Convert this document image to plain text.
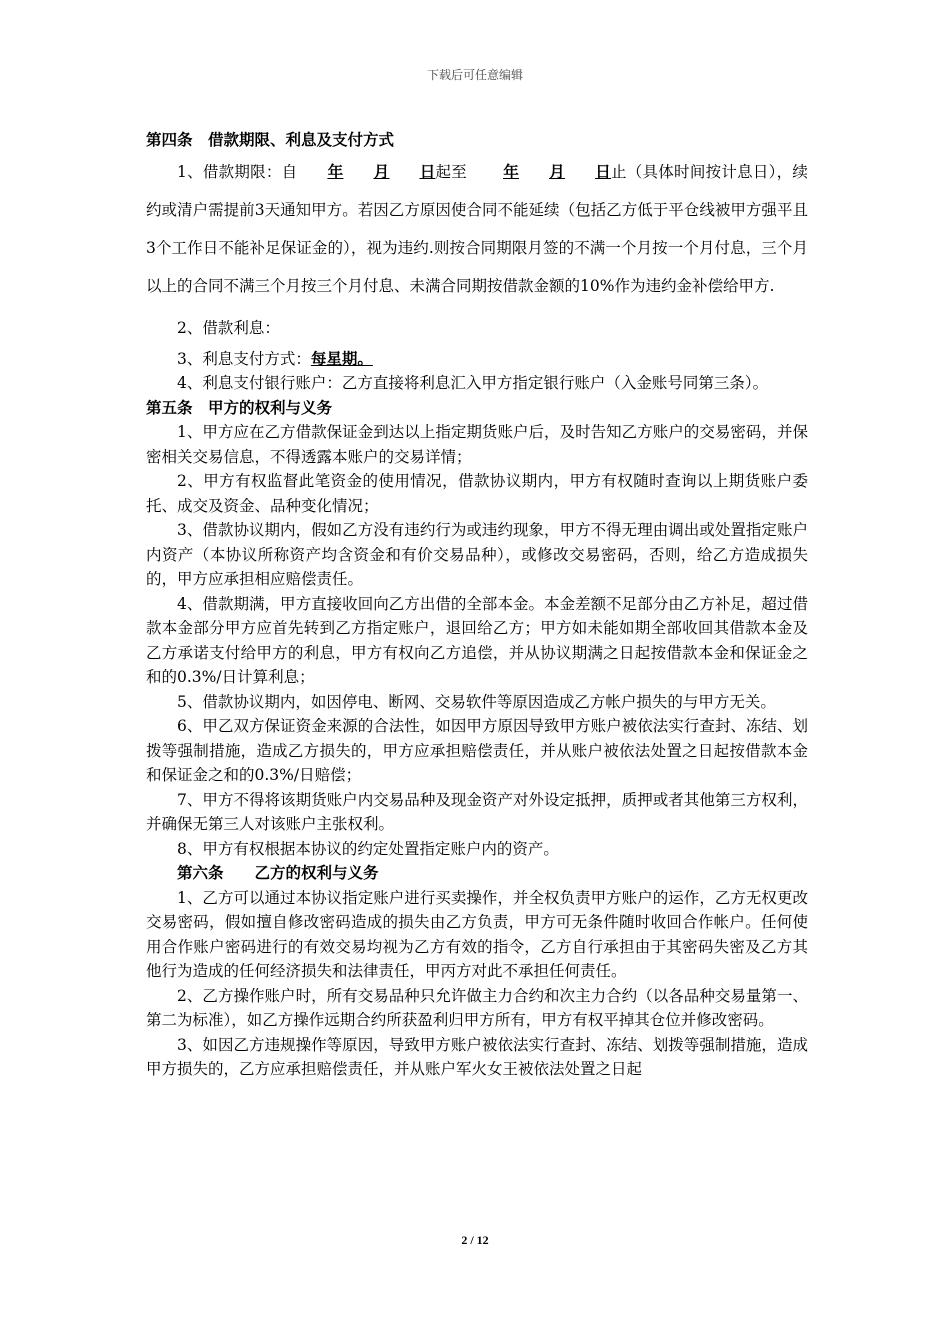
下载后可任意编辑

第四条　借款期限、利息及支付方式

1、借款期限：自 年 月 日起至 年 月 日止（具体时间按计息日），续约或清户需提前3天通知甲方。若因乙方原因使合同不能延续（包括乙方低于平仓线被甲方强平且3个工作日不能补足保证金的），视为违约.则按合同期限月签的不满一个月按一个月付息，三个月以上的合同不满三个月按三个月付息、未满合同期按借款金额的10%作为违约金补偿给甲方.

2、借款利息：

3、利息支付方式：每星期。

4、利息支付银行账户：乙方直接将利息汇入甲方指定银行账户（入金账号同第三条）。

第五条　甲方的权利与义务

1、甲方应在乙方借款保证金到达以上指定期货账户后，及时告知乙方账户的交易密码，并保密相关交易信息，不得透露本账户的交易详情；

2、甲方有权监督此笔资金的使用情况，借款协议期内，甲方有权随时查询以上期货账户委托、成交及资金、品种变化情况；

3、借款协议期内，假如乙方没有违约行为或违约现象，甲方不得无理由调出或处置指定账户内资产（本协议所称资产均含资金和有价交易品种），或修改交易密码，否则，给乙方造成损失的，甲方应承担相应赔偿责任。

4、借款期满，甲方直接收回向乙方出借的全部本金。本金差额不足部分由乙方补足，超过借款本金部分甲方应首先转到乙方指定账户，退回给乙方；甲方如未能如期全部收回其借款本金及乙方承诺支付给甲方的利息，甲方有权向乙方追偿，并从协议期满之日起按借款本金和保证金之和的0.3%/日计算利息；

5、借款协议期内，如因停电、断网、交易软件等原因造成乙方帐户损失的与甲方无关。

6、甲乙双方保证资金来源的合法性，如因甲方原因导致甲方账户被依法实行查封、冻结、划拨等强制措施，造成乙方损失的，甲方应承担赔偿责任，并从账户被依法处置之日起按借款本金和保证金之和的0.3%/日赔偿；

7、甲方不得将该期货账户内交易品种及现金资产对外设定抵押，质押或者其他第三方权利，并确保无第三人对该账户主张权利。

8、甲方有权根据本协议的约定处置指定账户内的资产。

第六条　　乙方的权利与义务

1、乙方可以通过本协议指定账户进行买卖操作，并全权负责甲方账户的运作，乙方无权更改交易密码，假如擅自修改密码造成的损失由乙方负责，甲方可无条件随时收回合作帐户。任何使用合作账户密码进行的有效交易均视为乙方有效的指令，乙方自行承担由于其密码失密及乙方其他行为造成的任何经济损失和法律责任，甲丙方对此不承担任何责任。

2、乙方操作账户时，所有交易品种只允许做主力合约和次主力合约（以各品种交易量第一、第二为标准），如乙方操作远期合约所获盈利归甲方所有，甲方有权平掉其仓位并修改密码。

3、如因乙方违规操作等原因，导致甲方账户被依法实行查封、冻结、划拨等强制措施，造成甲方损失的，乙方应承担赔偿责任，并从账户军火女王被依法处置之日起

2 / 12
